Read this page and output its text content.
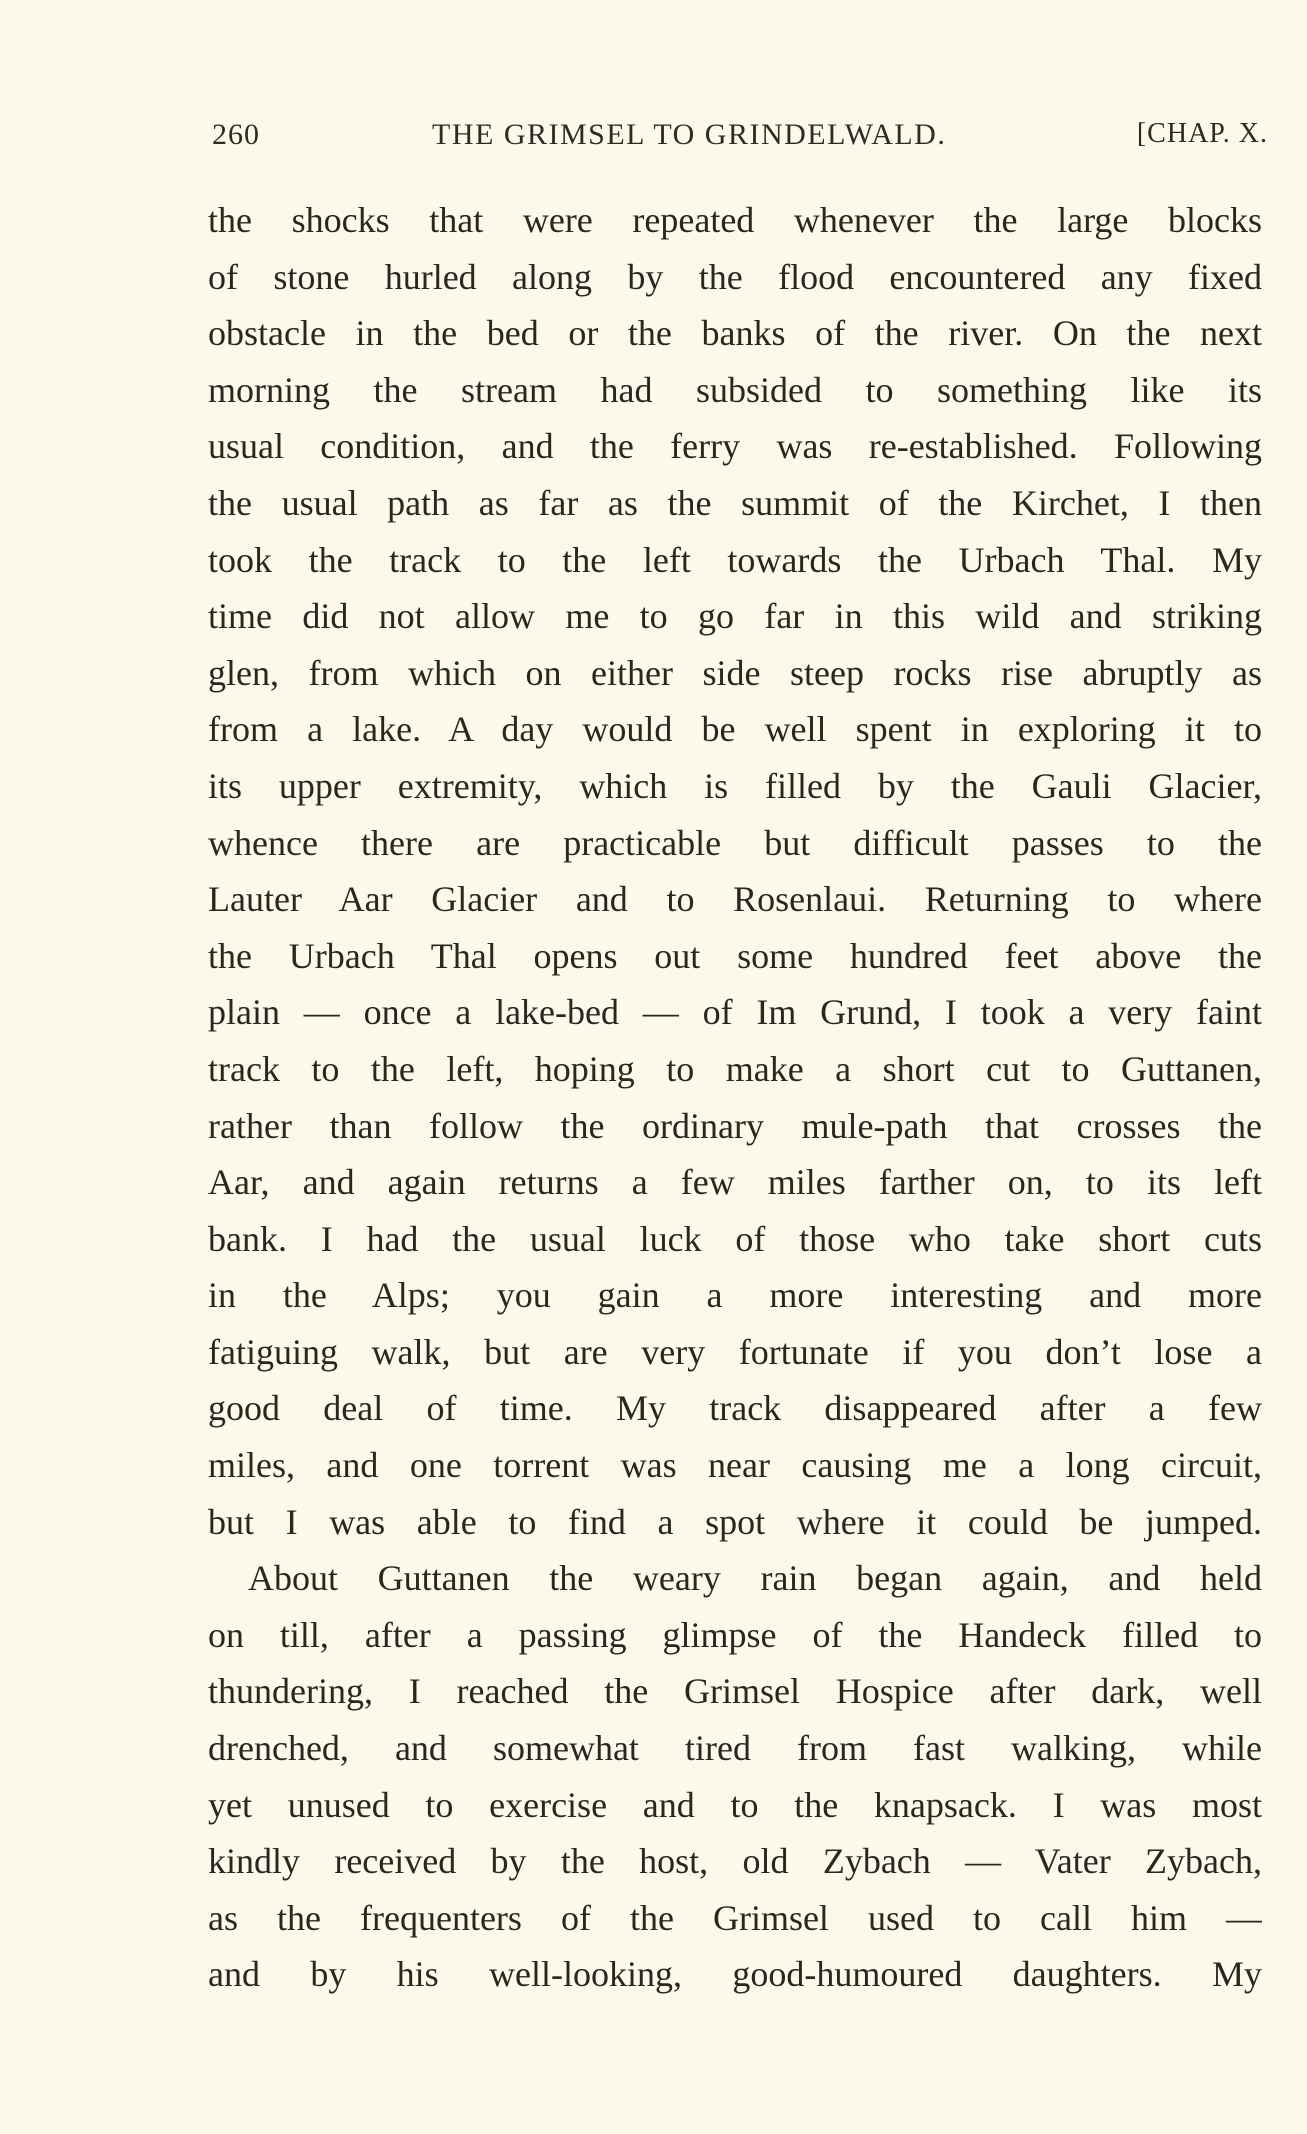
260	THE GRIMSEL TO GRINDELWALD.	[CHAP. X.
the shocks that were repeated whenever the large blocks
of stone hurled along by the flood encountered any fixed
obstacle in the bed or the banks of the river. On the next
morning the stream had subsided to something like its
usual condition, and the ferry was re-established. Following
the usual path as far as the summit of the Kirchet, I then
took the track to the left towards the Urbach Thal. My
time did not allow me to go far in this wild and striking
glen, from which on either side steep rocks rise abruptly as
from a lake. A day would be well spent in exploring it to
its upper extremity, which is filled by the Gauli Glacier,
whence there are practicable but difficult passes to the
Lauter Aar Glacier and to Rosenlaui. Returning to where
the Urbach Thal opens out some hundred feet above the
plain — once a lake-bed — of Im Grund, I took a very faint
track to the left, hoping to make a short cut to Guttanen,
rather than follow the ordinary mule-path that crosses the
Aar, and again returns a few miles farther on, to its left
bank. I had the usual luck of those who take short cuts
in the Alps; you gain a more interesting and more
fatiguing walk, but are very fortunate if you don’t lose a
good deal of time. My track disappeared after a few
miles, and one torrent was near causing me a long circuit,
but I was able to find a spot where it could be jumped.
About Guttanen the weary rain began again, and held
on till, after a passing glimpse of the Handeck filled to
thundering, I reached the Grimsel Hospice after dark, well
drenched, and somewhat tired from fast walking, while
yet unused to exercise and to the knapsack. I was most
kindly received by the host, old Zybach — Vater Zybach,
as the frequenters of the Grimsel used to call him —
and by his well-looking, good-humoured daughters. My
